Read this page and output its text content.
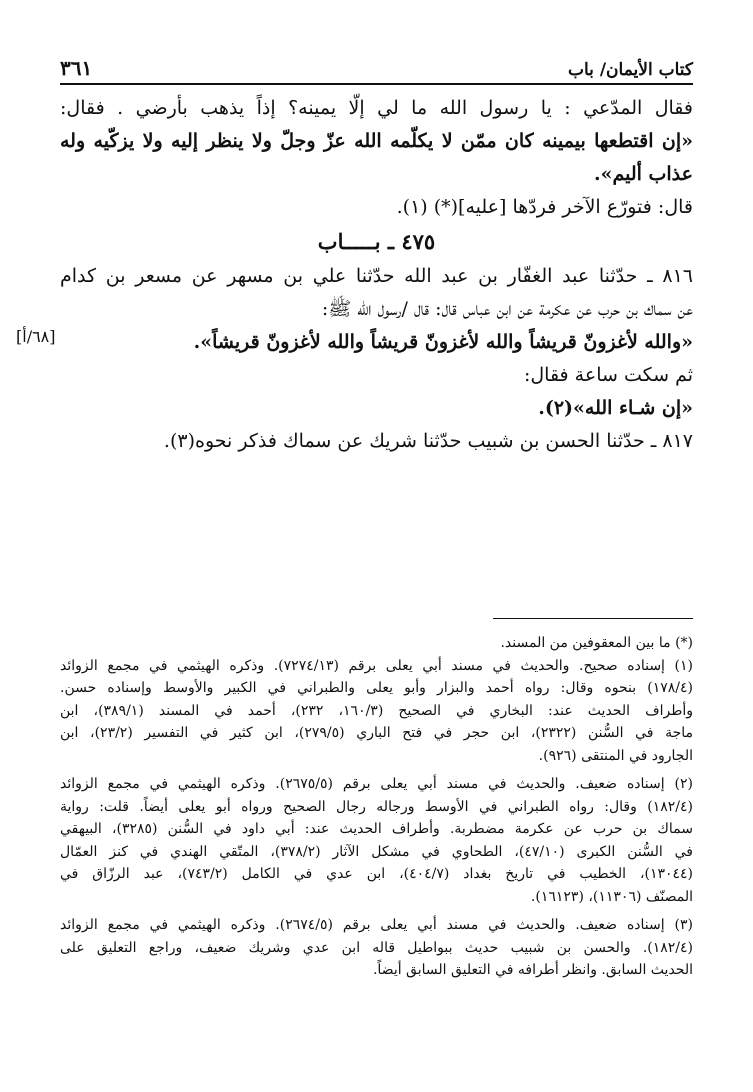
كتاب الأيمان/ باب
٣٦١
[٦٨/أ]
فقال المدّعي : يا رسول الله ما لي إلّا يمينه؟ إذاً يذهب بأرضي . فقال:
«إن اقتطعها بيمينه كان ممّن لا يكلّمه الله عزّ وجلّ ولا ينظر إليه ولا يزكّيه وله
عذاب أليم».
قال: فتورّع الآخر فردّها [عليه](*) (١).
٤٧٥ ـ بـــــاب
٨١٦ ـ حدّثنا عبد الغفّار بن عبد الله حدّثنا علي بن مسهر عن مسعر بن كدام
عن سماك بن حرب عن عكرمة عن ابن عباس قال: قال /رسول الله ﷺ:
«والله لأغزونّ قريشاً والله لأغزونّ قريشاً والله لأغزونّ قريشاً».
ثم سكت ساعة فقال:
«إن شـاء الله»(٢).
٨١٧ ـ حدّثنا الحسن بن شبيب حدّثنا شريك عن سماك فذكر نحوه(٣).
(*) ما بين المعقوفين من المسند.
(١) إسناده صحيح. والحديث في مسند أبي يعلى برقم (٧٢٧٤/١٣). وذكره الهيثمي في مجمع الزوائد
(١٧٨/٤) بنحوه وقال: رواه أحمد والبزار وأبو يعلى والطبراني في الكبير والأوسط وإسناده حسن.
وأطراف الحديث عند: البخاري في الصحيح (١٦٠/٣، ٢٣٢)، أحمد في المسند (٣٨٩/١)، ابن
ماجة في السُّنن (٢٣٢٢)، ابن حجر في فتح الباري (٢٧٩/٥)، ابن كثير في التفسير (٢٣/٢)، ابن
الجارود في المنتقى (٩٢٦).
(٢) إسناده ضعيف. والحديث في مسند أبي يعلى برقم (٢٦٧٥/٥). وذكره الهيثمي في مجمع الزوائد
(١٨٢/٤) وقال: رواه الطبراني في الأوسط ورجاله رجال الصحيح ورواه أبو يعلى أيضاً. قلت: رواية
سماك بن حرب عن عكرمة مضطربة. وأطراف الحديث عند: أبي داود في السُّنن (٣٢٨٥)، البيهقي
في السُّنن الكبرى (٤٧/١٠)، الطحاوي في مشكل الآثار (٣٧٨/٢)، المتّقي الهندي في كنز العمّال
(١٣٠٤٤)، الخطيب في تاريخ بغداد (٤٠٤/٧)، ابن عدي في الكامل (٧٤٣/٢)، عبد الرزّاق في
المصنّف (١١٣٠٦)، (١٦١٢٣).
(٣) إسناده ضعيف. والحديث في مسند أبي يعلى برقم (٢٦٧٤/٥). وذكره الهيثمي في مجمع الزوائد
(١٨٢/٤). والحسن بن شبيب حديث ببواطيل قاله ابن عدي وشريك ضعيف، وراجع التعليق على
الحديث السابق. وانظر أطرافه في التعليق السابق أيضاً.
